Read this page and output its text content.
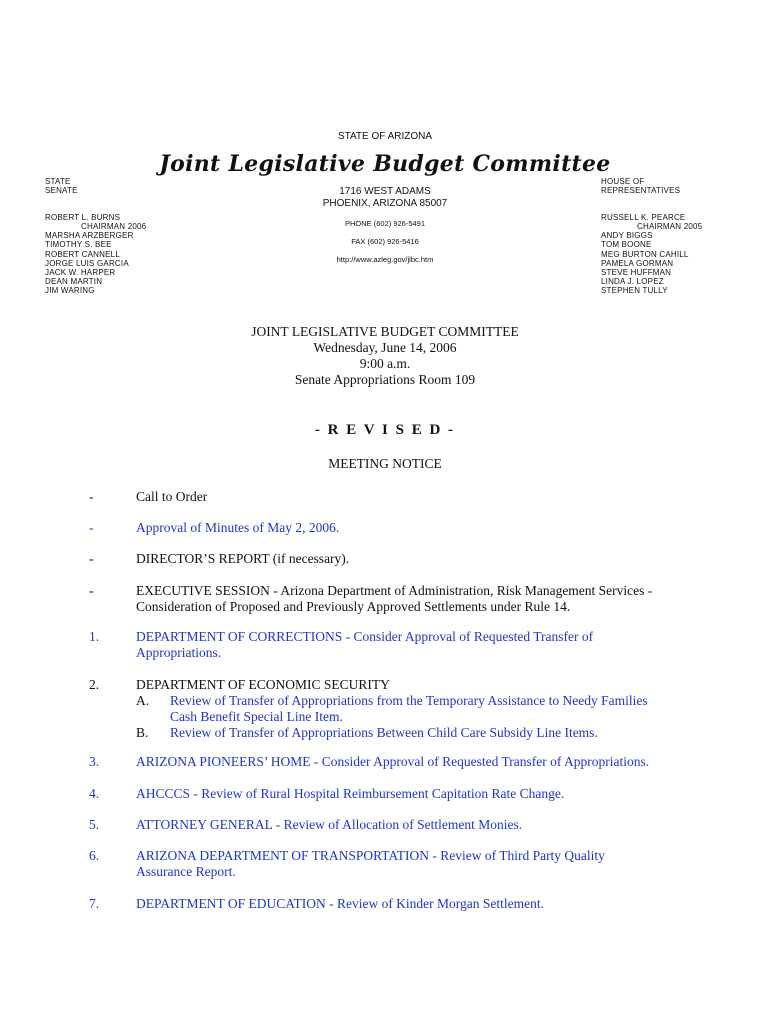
STATE OF ARIZONA
Joint Legislative Budget Committee
1716 WEST ADAMS
PHOENIX, ARIZONA 85007
PHONE (602) 926-5491
FAX (602) 926-5416
http://www.azleg.gov/jlbc.htm
STATE
SENATE
ROBERT L. BURNS
CHAIRMAN 2006
MARSHA ARZBERGER
TIMOTHY S. BEE
ROBERT CANNELL
JORGE LUIS GARCIA
JACK W. HARPER
DEAN MARTIN
JIM WARING
HOUSE OF
REPRESENTATIVES
RUSSELL K. PEARCE
CHAIRMAN 2005
ANDY BIGGS
TOM BOONE
MEG BURTON CAHILL
PAMELA GORMAN
STEVE HUFFMAN
LINDA J. LOPEZ
STEPHEN TULLY
JOINT LEGISLATIVE BUDGET COMMITTEE
Wednesday, June 14, 2006
9:00 a.m.
Senate Appropriations Room 109
- R E V I S E D -
MEETING NOTICE
-	Call to Order
-	Approval of Minutes of May 2, 2006.
-	DIRECTOR’S REPORT (if necessary).
-	EXECUTIVE SESSION - Arizona Department of Administration, Risk Management Services -
Consideration of Proposed and Previously Approved Settlements under Rule 14.
1.	DEPARTMENT OF CORRECTIONS - Consider Approval of Requested Transfer of
Appropriations.
2.	DEPARTMENT OF ECONOMIC SECURITY
A. Review of Transfer of Appropriations from the Temporary Assistance to Needy Families
Cash Benefit Special Line Item.
B. Review of Transfer of Appropriations Between Child Care Subsidy Line Items.
3.	ARIZONA PIONEERS’ HOME - Consider Approval of Requested Transfer of Appropriations.
4.	AHCCCS - Review of Rural Hospital Reimbursement Capitation Rate Change.
5.	ATTORNEY GENERAL - Review of Allocation of Settlement Monies.
6.	ARIZONA DEPARTMENT OF TRANSPORTATION - Review of Third Party Quality
Assurance Report.
7.	DEPARTMENT OF EDUCATION - Review of Kinder Morgan Settlement.
